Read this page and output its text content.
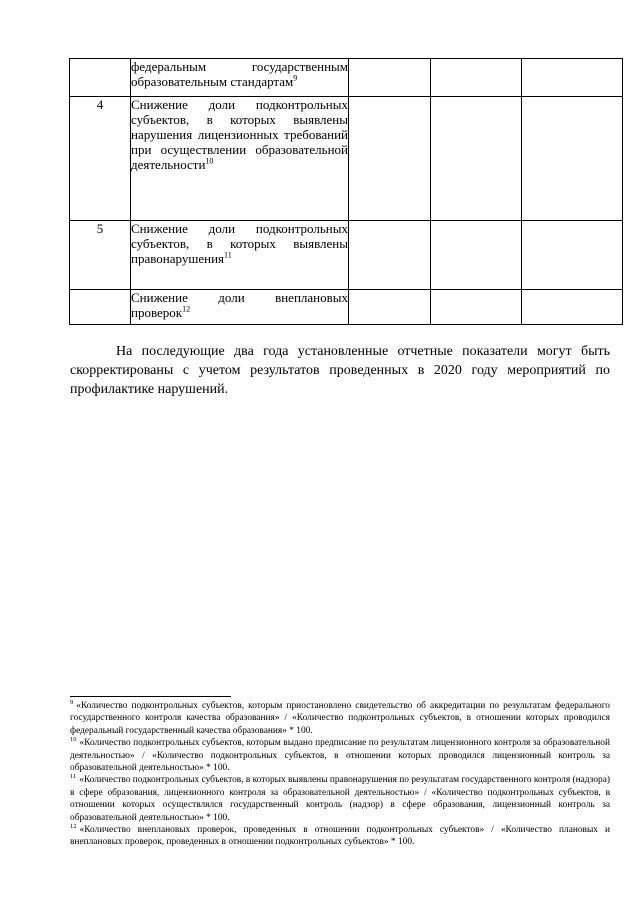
	федеральным государственным образовательным стандартам$^9$

4	Снижение доли подконтрольных субъектов, в которых выявлены нарушения лицензионных требований при осуществлении образовательной деятельности$^{10}$

5	Снижение доли подконтрольных субъектов, в которых выявлены правонарушения$^{11}$

	Снижение доли внеплановых проверок$^{12}$

На последующие два года установленные отчетные показатели могут быть скорректированы с учетом результатов проведенных в 2020 году мероприятий по профилактике нарушений.

$^9$ «Количество подконтрольных субъектов, которым приостановлено свидетельство об аккредитации по результатам федерального государственного контроля качества образования» / «Количество подконтрольных субъектов, в отношении которых проводился федеральный государственный качества образования» * 100.

$^{10}$ «Количество подконтрольных субъектов, которым выдано предписание по результатам лицензионного контроля за образовательной деятельностью» / «Количество подконтрольных субъектов, в отношении которых проводился лицензионный контроль за образовательной деятельностью» * 100.

$^{11}$ «Количество подконтрольных субъектов, в которых выявлены правонарушения по результатам государственного контроля (надзора) в сфере образования, лицензионного контроля за образовательной деятельностью» / «Количество подконтрольных субъектов, в отношении которых осуществлялся государственный контроль (надзор) в сфере образования, лицензионный контроль за образовательной деятельностью» * 100.

$^{12}$ «Количество внеплановых проверок, проведенных в отношении подконтрольных субъектов» / «Количество плановых и внеплановых проверок, проведенных в отношении подконтрольных субъектов» * 100.
